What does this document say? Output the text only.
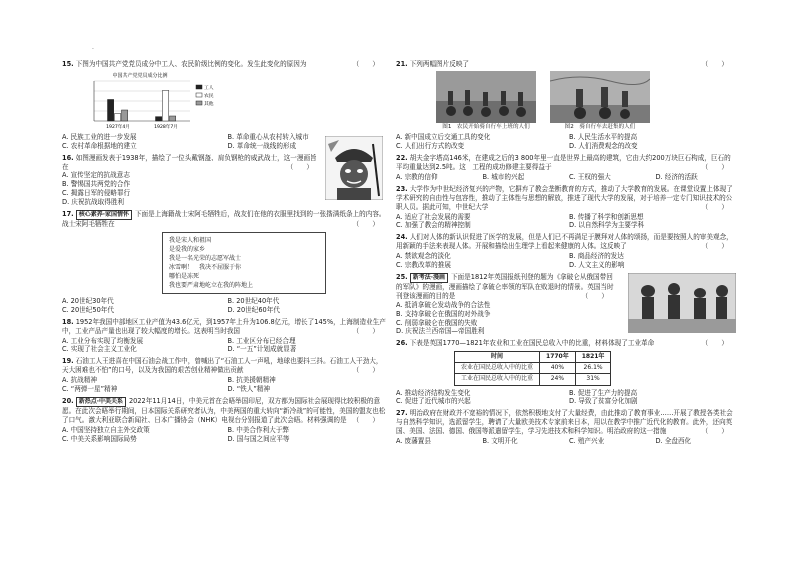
.
15. 下图为中国共产党党员成分中工人、农民阶级比例的变化。发生此变化的原因为	（　　）
中国共产党党员成分比例
1927年4月	1928年7月
工人
农民
其他
A. 民族工业的进一步发展	B. 革命重心从农村转入城市
C. 农村革命根据地的建立	D. 革命统一战线的形成
16. 如图漫画发表于1938年，描绘了一位头戴钢盔、肩负钢枪的威武战士，这一漫画旨在	（　　）
A. 宣传坚定的抗战意志
B. 警惕国共两党的合作
C. 揭露日军的侵略罪行
D. 庆祝抗战取得胜利
17. 核心素养·家国情怀 下面是上海籍战士宋阿毛牺牲后，战友们在他的衣服里找到的一张揩满纸条上的内容。战士宋阿毛牺牲在	（　　）
我是宋人和祖国
是爱我的家乡
我是一名光荣的志愿军战士
冰雪啊！　我决不屈服于你
哪怕是冻死
我也要严肃地屹立在我的阵地上
A. 20世纪30年代	B. 20世纪40年代
C. 20世纪50年代	D. 20世纪60年代
18. 1952年我国中部地区工业产值为43.6亿元，到1957年上升为106.8亿元，增长了145%，上海制造业生产中，工业产品产量也出现了较大幅度的增长。这表明当时我国	（　　）
A. 工业分布实现了均衡发展	B. 工业区分布已经合理
C. 实现了社会主义工业化	D. “一五”计划成就显著
19. 石油工人王进喜在中国石油会战工作中，曾喊出了“石油工人一声吼，地球也要抖三抖。石油工人干劲大，天大困难也不怕”的口号，以及为我国的艰苦创业精神做出贡献	（　　）
A. 抗战精神	B. 抗美援朝精神
C. “两弹一星”精神	D. “铁人”精神
20. 新热点·中美关系 2022年11月14日，中美元首在会晤举国印尼，双方都为国际社会展现得比较积极的意愿。在此次会晤举行期间，日本国际关系研究者认为，中美两国的重大转向“新冷战”的可能性，美国的盟友也松了口气。激大利亚联合新闻社、日本广播协会（NHK）电视台分别报道了此次会晤。材料强调的是 （　　）
A. 中国坚持独立自主外交政策	B. 中美合作利大于弊
C. 中美关系影响国际局势	D. 国与国之间应平等
21. 下列两幅图片反映了	（　　）
图1　农民开始骑自行车上班的人们	图2　骑自行车去赶集的人们
A. 新中国成立后交通工具的变化	B. 人民生活水平的提高
C. 人们出行方式的改变	D. 人们消费观念的改变
22. 胡夫金字塔高146米，在建成之后的3 800年里一直是世界上最高的建筑，它由大约200万块巨石构成，巨石的平均重量达到2.5吨。这　工程的成功修建主要得益于	（　　）
A. 宗教的信仰	B. 城市的兴起	C. 王权的强大	D. 经济的活跃
23. 大学作为中世纪经济复兴的产物，它摒弃了教会垄断教育的方式，推动了大学教育的发展。在课堂设置上体现了学术研究的自由性与包容性，推动了主体性与思想的解放，推进了现代大学的发展，对于培养一定专门知识技术的公职人员。据此可知，中世纪大学	（　　）
A. 适应了社会发展的需要	B. 传播了科学和创新思想
C. 加强了教会的精神控制	D. 以自然科学为主要学科
24. 人们对人体的新认识促进了医学的发展，但是人们已不再满足于膜拜对人体的颂扬，而是要按照人的审美观念，用新颖的手法来表现人体。开展和描绘出生理学上看起来健康的人体。这反映了	（　　）
A. 禁欲观念的淡化	B. 商品经济的发达
C. 宗教改革的推展	D. 人文主义的影响
25. 新考法·漫画 下面是1812年英国报纸刊登的题为《拿破仑从俄国带回的军队》的漫画，漫画描绘了拿破仑率领的军队在败退时的情景。英国当时刊登该漫画的目的是	（　　）
A. 抵消拿破仑发动战争的合法性
B. 支持拿破仑在俄国的对外战争
C. 削弱拿破仑在俄国的失败
D. 庆祝法兰西帝国—帝国胜利
26. 下表是英国1770—1821年农业和工业在国民总收入中的比重，材料体现了工业革命	（　　）
时间	1770年	1821年
农业在国民总收入中的比重	40%	26.1%
工业在国民总收入中的比重	24%	31%
A. 推动经济结构发生变化	B. 促进了生产力的提高
C. 促进了近代城市的兴起	D. 导致了贫富分化加剧
27. 明治政府在财政并不宽裕的情况下，依然积极地支付了大量经费，由此推动了教育事业……开展了教授各类社会与自然科学知识，选派留学生，聘请了大量欧美技术专家前来日本，用以在教学中推广近代化的教育。此外，还向英国、美国、法国、德国、俄国等派遣留学生，学习先进技术和科学知识。明治政府的这一措施	（　　）
A. 废藩置县	B. 文明开化	C. 殖产兴业	D. 全盘西化
